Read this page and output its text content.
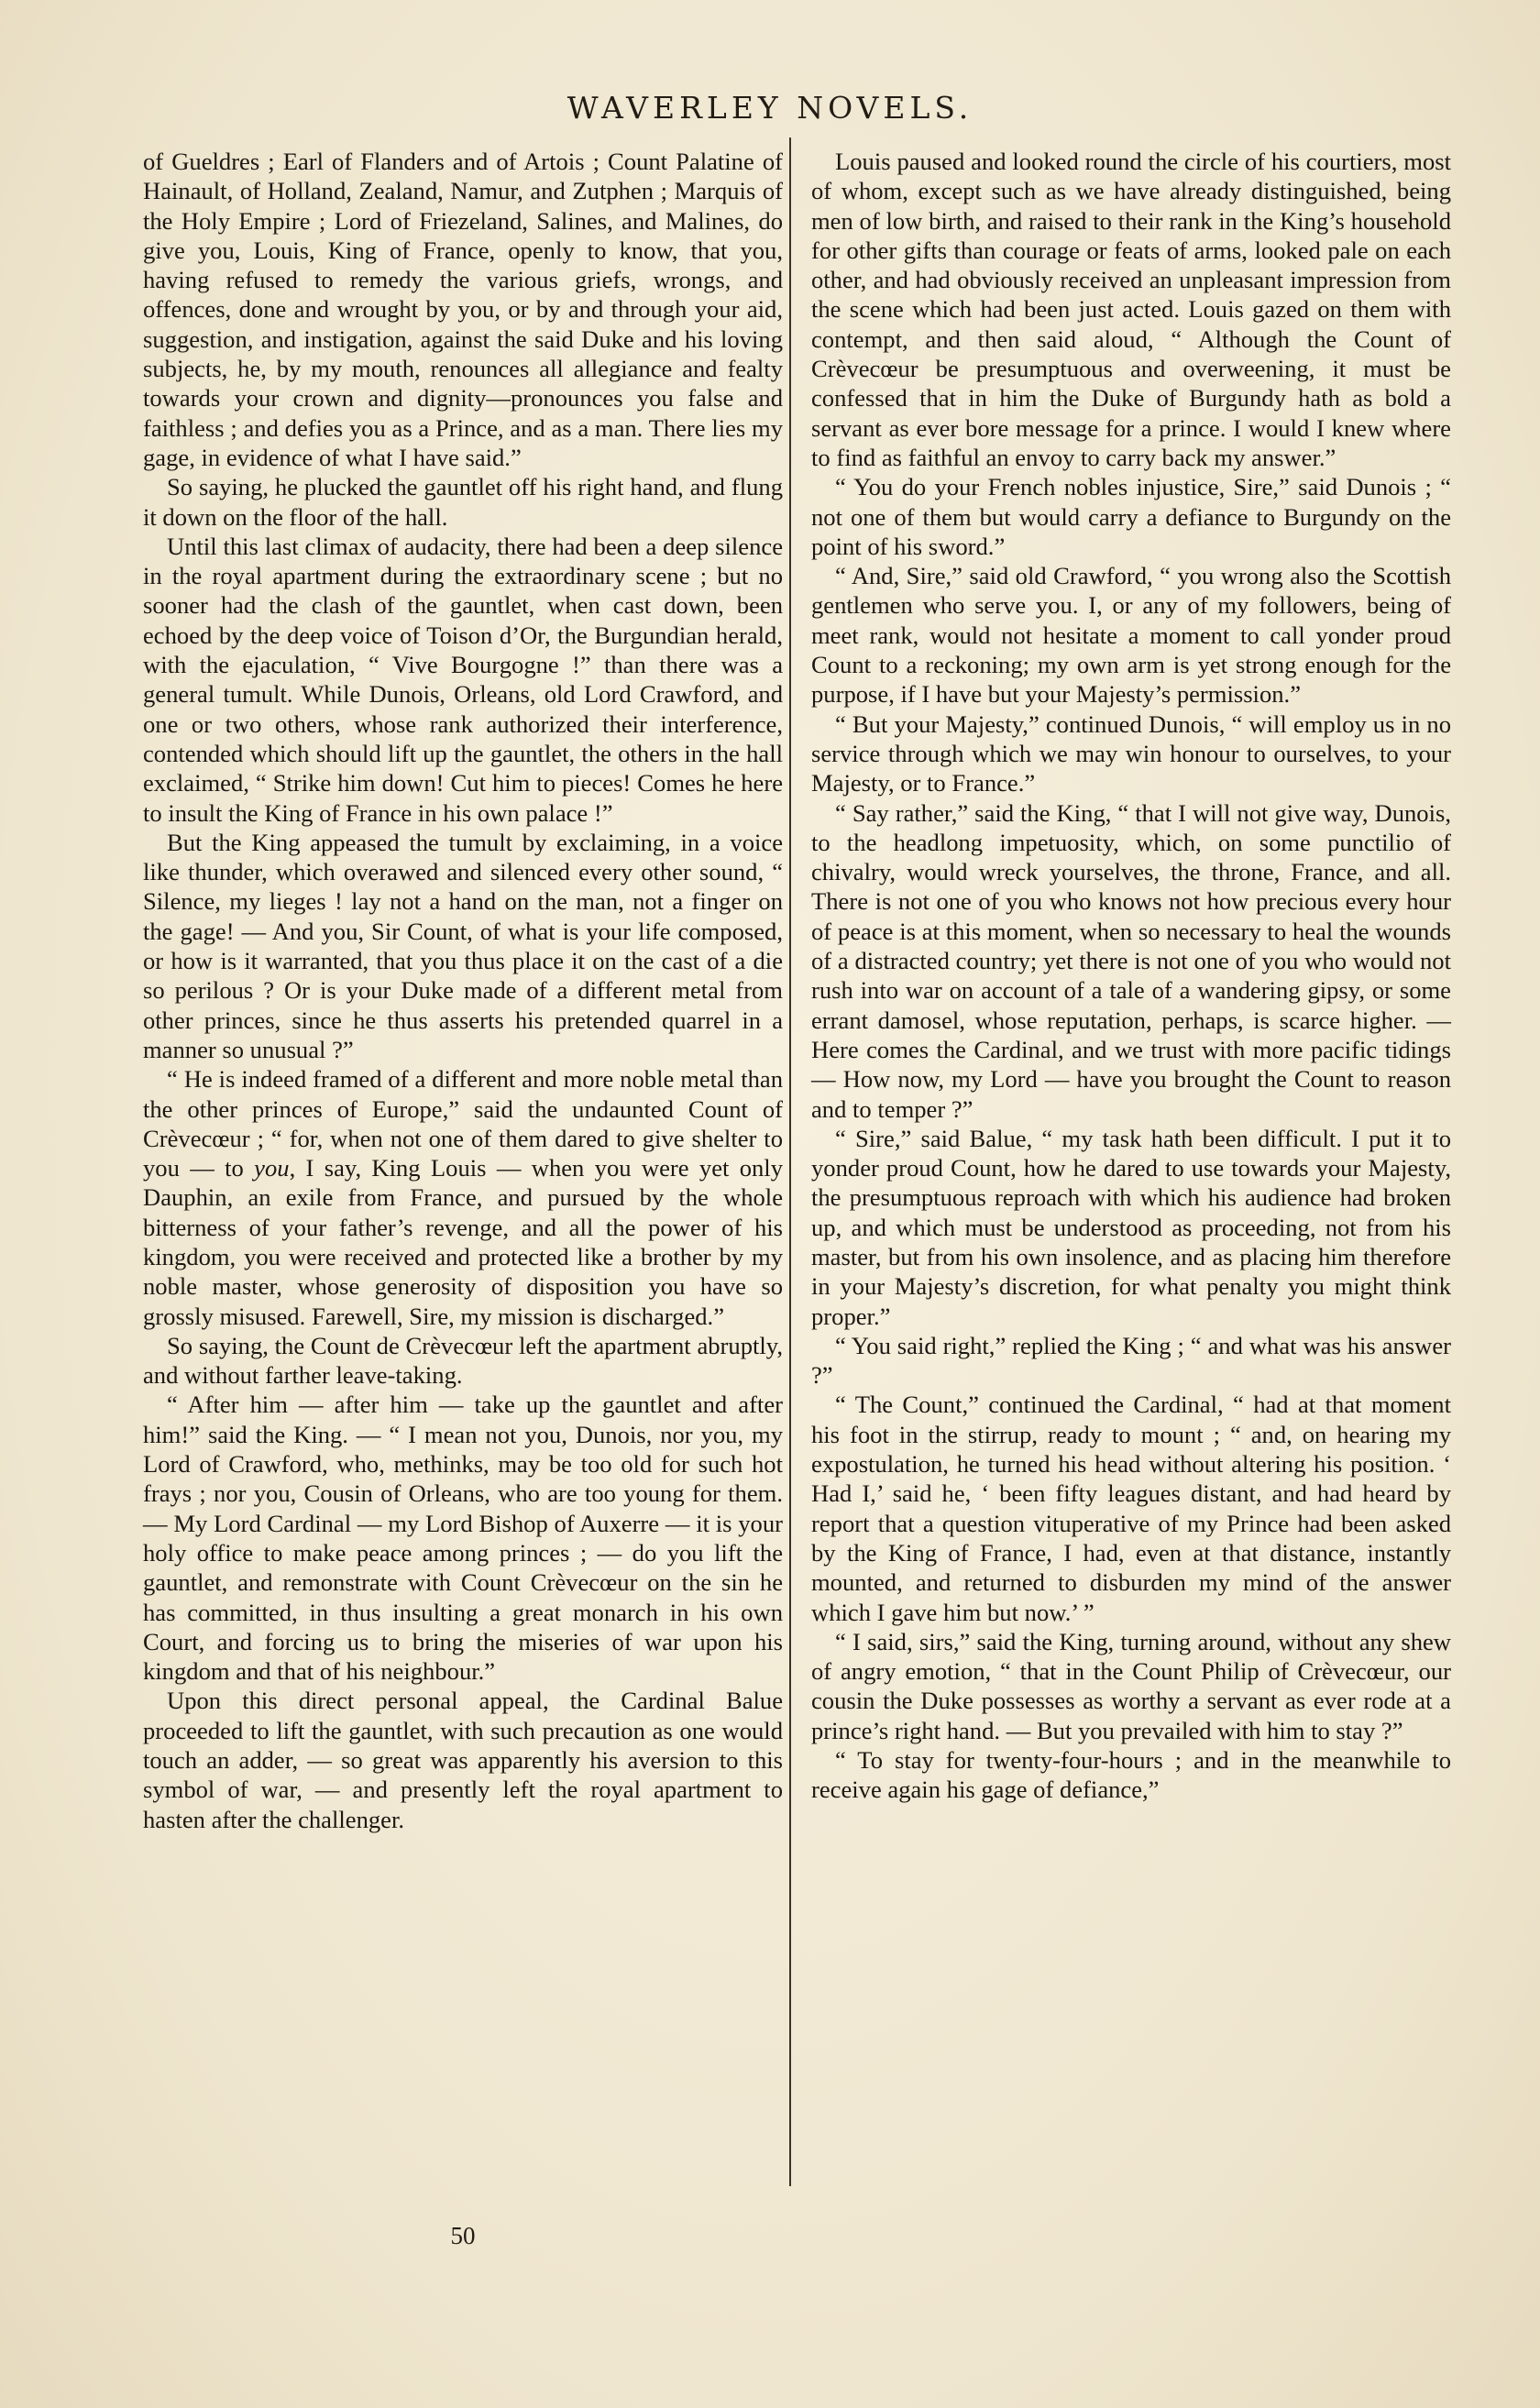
WAVERLEY NOVELS.

of Gueldres ; Earl of Flanders and of Artois ; Count Palatine of Hainault, of Holland, Zealand, Namur, and Zutphen ; Marquis of the Holy Empire ; Lord of Friezeland, Salines, and Malines, do give you, Louis, King of France, openly to know, that you, having refused to remedy the various griefs, wrongs, and offences, done and wrought by you, or by and through your aid, suggestion, and instigation, against the said Duke and his loving subjects, he, by my mouth, renounces all allegiance and fealty towards your crown and dignity—pronounces you false and faithless ; and defies you as a Prince, and as a man. There lies my gage, in evidence of what I have said.”

So saying, he plucked the gauntlet off his right hand, and flung it down on the floor of the hall.

Until this last climax of audacity, there had been a deep silence in the royal apartment during the extraordinary scene ; but no sooner had the clash of the gauntlet, when cast down, been echoed by the deep voice of Toison d’Or, the Burgundian herald, with the ejaculation, “ Vive Bourgogne !” than there was a general tumult. While Dunois, Orleans, old Lord Crawford, and one or two others, whose rank authorized their interference, contended which should lift up the gauntlet, the others in the hall exclaimed, “ Strike him down! Cut him to pieces! Comes he here to insult the King of France in his own palace !”

But the King appeased the tumult by exclaiming, in a voice like thunder, which overawed and silenced every other sound, “ Silence, my lieges ! lay not a hand on the man, not a finger on the gage! — And you, Sir Count, of what is your life composed, or how is it warranted, that you thus place it on the cast of a die so perilous ? Or is your Duke made of a different metal from other princes, since he thus asserts his pretended quarrel in a manner so unusual ?”

“ He is indeed framed of a different and more noble metal than the other princes of Europe,” said the undaunted Count of Crèvecœur ; “ for, when not one of them dared to give shelter to you — to you, I say, King Louis — when you were yet only Dauphin, an exile from France, and pursued by the whole bitterness of your father’s revenge, and all the power of his kingdom, you were received and protected like a brother by my noble master, whose generosity of disposition you have so grossly misused. Farewell, Sire, my mission is discharged.”

So saying, the Count de Crèvecœur left the apartment abruptly, and without farther leave-taking.

“ After him — after him — take up the gauntlet and after him!” said the King. — “ I mean not you, Dunois, nor you, my Lord of Crawford, who, methinks, may be too old for such hot frays ; nor you, Cousin of Orleans, who are too young for them. — My Lord Cardinal — my Lord Bishop of Auxerre — it is your holy office to make peace among princes ; — do you lift the gauntlet, and remonstrate with Count Crèvecœur on the sin he has committed, in thus insulting a great monarch in his own Court, and forcing us to bring the miseries of war upon his kingdom and that of his neighbour.”

Upon this direct personal appeal, the Cardinal Balue proceeded to lift the gauntlet, with such precaution as one would touch an adder, — so great was apparently his aversion to this symbol of war, — and presently left the royal apartment to hasten after the challenger.

Louis paused and looked round the circle of his courtiers, most of whom, except such as we have already distinguished, being men of low birth, and raised to their rank in the King’s household for other gifts than courage or feats of arms, looked pale on each other, and had obviously received an unpleasant impression from the scene which had been just acted. Louis gazed on them with contempt, and then said aloud, “ Although the Count of Crèvecœur be presumptuous and overweening, it must be confessed that in him the Duke of Burgundy hath as bold a servant as ever bore message for a prince. I would I knew where to find as faithful an envoy to carry back my answer.”

“ You do your French nobles injustice, Sire,” said Dunois ; “ not one of them but would carry a defiance to Burgundy on the point of his sword.”

“ And, Sire,” said old Crawford, “ you wrong also the Scottish gentlemen who serve you. I, or any of my followers, being of meet rank, would not hesitate a moment to call yonder proud Count to a reckoning; my own arm is yet strong enough for the purpose, if I have but your Majesty’s permission.”

“ But your Majesty,” continued Dunois, “ will employ us in no service through which we may win honour to ourselves, to your Majesty, or to France.”

“ Say rather,” said the King, “ that I will not give way, Dunois, to the headlong impetuosity, which, on some punctilio of chivalry, would wreck yourselves, the throne, France, and all. There is not one of you who knows not how precious every hour of peace is at this moment, when so necessary to heal the wounds of a distracted country; yet there is not one of you who would not rush into war on account of a tale of a wandering gipsy, or some errant damosel, whose reputation, perhaps, is scarce higher. — Here comes the Cardinal, and we trust with more pacific tidings — How now, my Lord — have you brought the Count to reason and to temper ?”

“ Sire,” said Balue, “ my task hath been difficult. I put it to yonder proud Count, how he dared to use towards your Majesty, the presumptuous reproach with which his audience had broken up, and which must be understood as proceeding, not from his master, but from his own insolence, and as placing him therefore in your Majesty’s discretion, for what penalty you might think proper.”

“ You said right,” replied the King ; “ and what was his answer ?”

“ The Count,” continued the Cardinal, “ had at that moment his foot in the stirrup, ready to mount ; “ and, on hearing my expostulation, he turned his head without altering his position. ‘ Had I,’ said he, ‘ been fifty leagues distant, and had heard by report that a question vituperative of my Prince had been asked by the King of France, I had, even at that distance, instantly mounted, and returned to disburden my mind of the answer which I gave him but now.’ ”

“ I said, sirs,” said the King, turning around, without any shew of angry emotion, “ that in the Count Philip of Crèvecœur, our cousin the Duke possesses as worthy a servant as ever rode at a prince’s right hand. — But you prevailed with him to stay ?”

“ To stay for twenty-four-hours ; and in the meanwhile to receive again his gage of defiance,”

50
